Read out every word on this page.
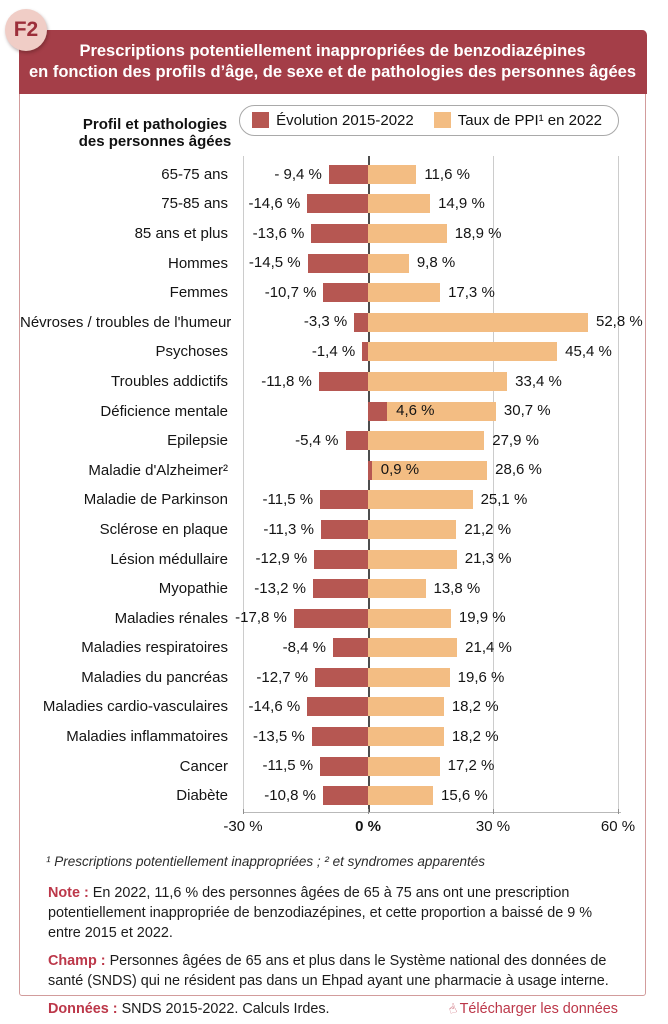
F2
Prescriptions potentiellement inappropriées de benzodiazépines
en fonction des profils d’âge, de sexe et de pathologies des personnes âgées
Profil et pathologies
des personnes âgées
Évolution 2015-2022	Taux de PPI¹ en 2022
65-75 ans	- 9,4 %	11,6 %
75-85 ans	-14,6 %	14,9 %
85 ans et plus	-13,6 %	18,9 %
Hommes	-14,5 %	9,8 %
Femmes	-10,7 %	17,3 %
Névroses / troubles de l'humeur	-3,3 %	52,8 %
Psychoses	-1,4 %	45,4 %
Troubles addictifs	-11,8 %	33,4 %
Déficience mentale	4,6 %	30,7 %
Epilepsie	-5,4 %	27,9 %
Maladie d'Alzheimer²	0,9 %	28,6 %
Maladie de Parkinson	-11,5 %	25,1 %
Sclérose en plaque	-11,3 %	21,2 %
Lésion médullaire	-12,9 %	21,3 %
Myopathie	-13,2 %	13,8 %
Maladies rénales -17,8 %	19,9 %
Maladies respiratoires	-8,4 %	21,4 %
Maladies du pancréas	-12,7 %	19,6 %
Maladies cardio-vasculaires	-14,6 %	18,2 %
Maladies inflammatoires	-13,5 %	18,2 %
Cancer	-11,5 %	17,2 %
Diabète	-10,8 %	15,6 %
-30 %	0 %	30 %	60 %
¹ Prescriptions potentiellement inappropriées ; ² et syndromes apparentés

Note : En 2022, 11,6 % des personnes âgées de 65 à 75 ans ont une prescription potentiellement inappropriée de benzodiazépines, et cette proportion a baissé de 9 % entre 2015 et 2022.

Champ : Personnes âgées de 65 ans et plus dans le Système national des données de santé (SNDS) qui ne résident pas dans un Ehpad ayant une pharmacie à usage interne.

Données : SNDS 2015-2022. Calculs Irdes.	☝ Télécharger les données
